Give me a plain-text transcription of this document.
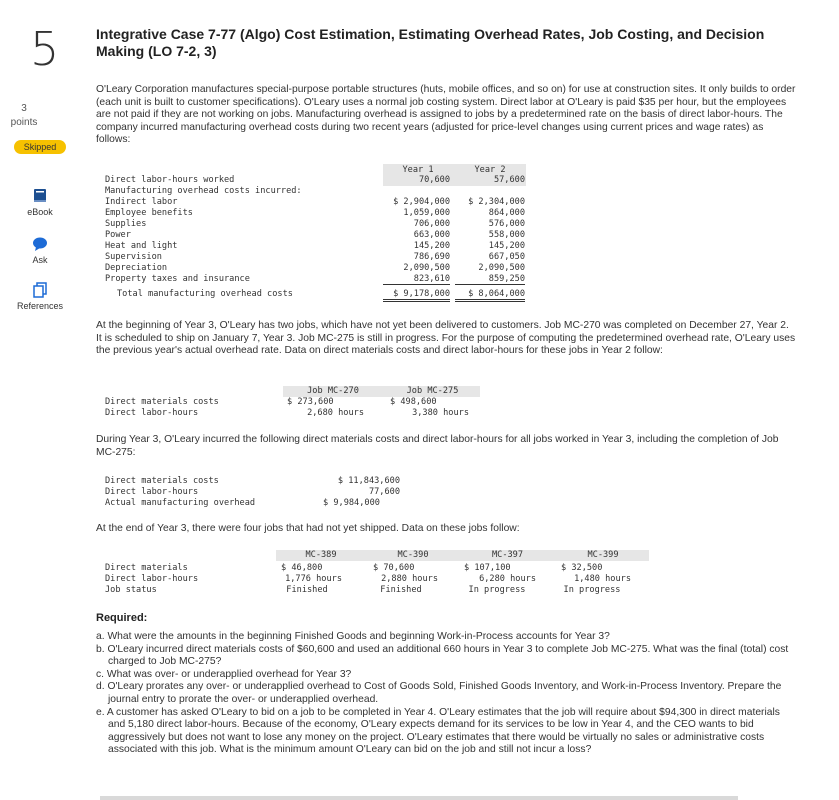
5
3
points
Skipped
eBook
Ask
References
Integrative Case 7-77 (Algo) Cost Estimation, Estimating Overhead Rates, Job Costing, and Decision Making (LO 7-2, 3)
O'Leary Corporation manufactures special-purpose portable structures (huts, mobile offices, and so on) for use at construction sites. It only builds to order (each unit is built to customer specifications). O'Leary uses a normal job costing system. Direct labor at O'Leary is paid $35 per hour, but the employees are not paid if they are not working on jobs. Manufacturing overhead is assigned to jobs by a predetermined rate on the basis of direct labor-hours. The company incurred manufacturing overhead costs during two recent years (adjusted for price-level changes using current prices and wage rates) as follows:
Year 1	Year 2
Direct labor-hours worked	70,600	57,600
Manufacturing overhead costs incurred:
Indirect labor	$ 2,904,000	$ 2,304,000
Employee benefits	1,059,000	864,000
Supplies	706,000	576,000
Power	663,000	558,000
Heat and light	145,200	145,200
Supervision	786,690	667,050
Depreciation	2,090,500	2,090,500
Property taxes and insurance	823,610	859,250
Total manufacturing overhead costs	$ 9,178,000	$ 8,064,000
At the beginning of Year 3, O'Leary has two jobs, which have not yet been delivered to customers. Job MC-270 was completed on December 27, Year 2. It is scheduled to ship on January 7, Year 3. Job MC-275 is still in progress. For the purpose of computing the predetermined overhead rate, O'Leary uses the previous year's actual overhead rate. Data on direct materials costs and direct labor-hours for these jobs in Year 2 follow:
Job MC-270	Job MC-275
Direct materials costs	$ 273,600	$ 498,600
Direct labor-hours	2,680 hours	3,380 hours
During Year 3, O'Leary incurred the following direct materials costs and direct labor-hours for all jobs worked in Year 3, including the completion of Job MC-275:
Direct materials costs	$ 11,843,600
Direct labor-hours	77,600
Actual manufacturing overhead	$ 9,984,000
At the end of Year 3, there were four jobs that had not yet shipped. Data on these jobs follow:
MC-389	MC-390	MC-397	MC-399
Direct materials	$ 46,800	$ 70,600	$ 107,100	$ 32,500
Direct labor-hours	1,776 hours	2,880 hours	6,280 hours	1,480 hours
Job status	Finished	Finished	In progress	In progress
Required:
a. What were the amounts in the beginning Finished Goods and beginning Work-in-Process accounts for Year 3?
b. O'Leary incurred direct materials costs of $60,600 and used an additional 660 hours in Year 3 to complete Job MC-275. What was the final (total) cost charged to Job MC-275?
c. What was over- or underapplied overhead for Year 3?
d. O'Leary prorates any over- or underapplied overhead to Cost of Goods Sold, Finished Goods Inventory, and Work-in-Process Inventory. Prepare the journal entry to prorate the over- or underapplied overhead.
e. A customer has asked O'Leary to bid on a job to be completed in Year 4. O'Leary estimates that the job will require about $94,300 in direct materials and 5,180 direct labor-hours. Because of the economy, O'Leary expects demand for its services to be low in Year 4, and the CEO wants to bid aggressively but does not want to lose any money on the project. O'Leary estimates that there would be virtually no sales or administrative costs associated with this job. What is the minimum amount O'Leary can bid on the job and still not incur a loss?
